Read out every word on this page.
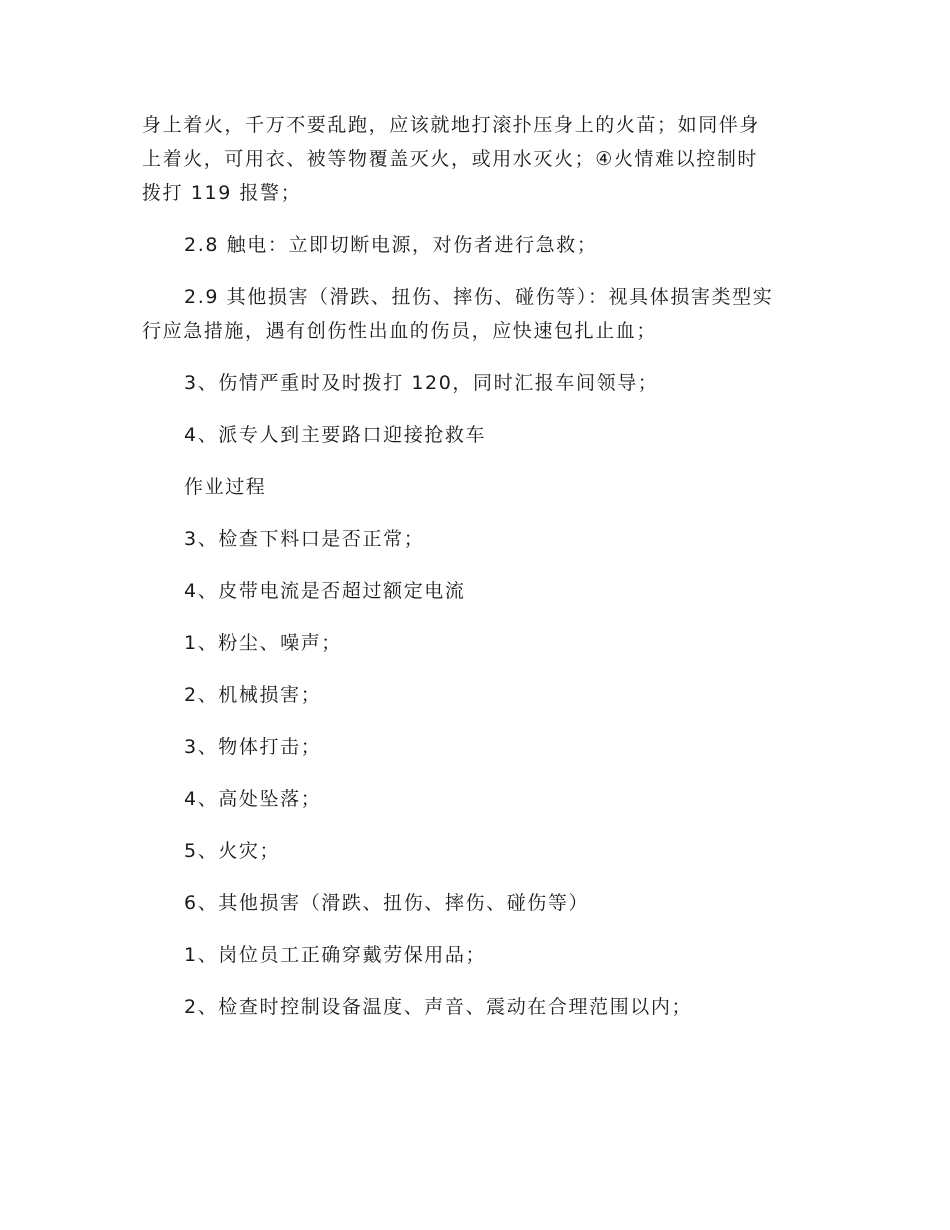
身上着火，千万不要乱跑，应该就地打滚扑压身上的火苗；如同伴身
上着火，可用衣、被等物覆盖灭火，或用水灭火；④火情难以控制时
拨打 119 报警；
2.8 触电：立即切断电源，对伤者进行急救；
2.9 其他损害（滑跌、扭伤、摔伤、碰伤等）：视具体损害类型实
行应急措施，遇有创伤性出血的伤员，应快速包扎止血；
3、伤情严重时及时拨打 120，同时汇报车间领导；
4、派专人到主要路口迎接抢救车
作业过程
3、检查下料口是否正常；
4、皮带电流是否超过额定电流
1、粉尘、噪声；
2、机械损害；
3、物体打击；
4、高处坠落；
5、火灾；
6、其他损害（滑跌、扭伤、摔伤、碰伤等）
1、岗位员工正确穿戴劳保用品；
2、检查时控制设备温度、声音、震动在合理范围以内；
